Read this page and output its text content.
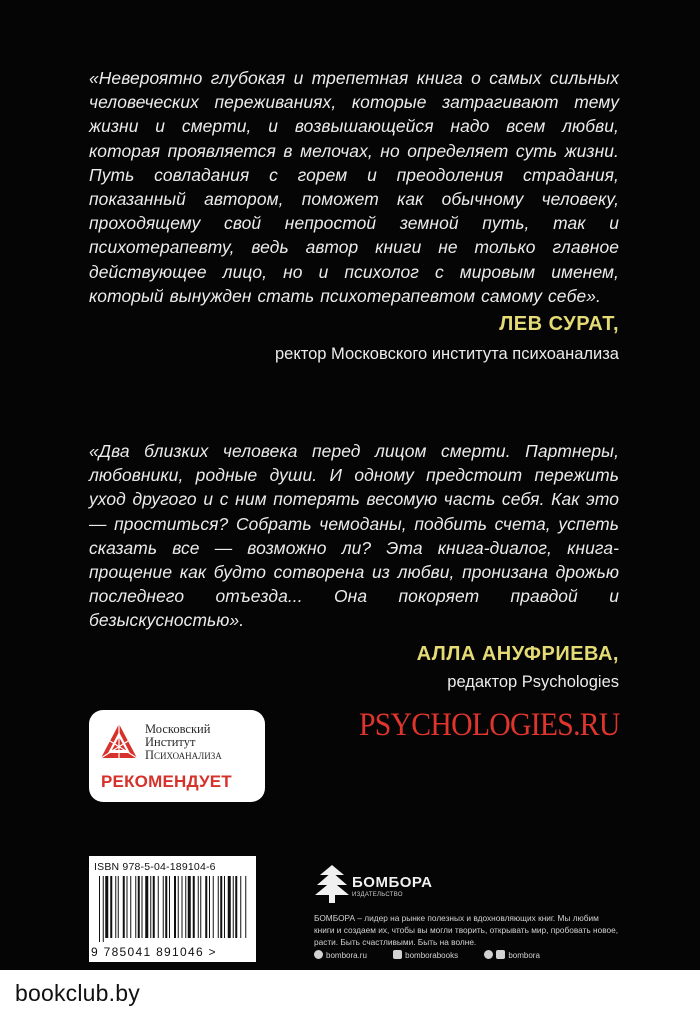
«Невероятно глубокая и трепетная книга о самых сильных человеческих переживаниях, которые затрагивают тему жизни и смерти, и возвышающейся надо всем любви, которая проявляется в мелочах, но определяет суть жизни. Путь совладания с горем и преодоления страдания, показанный автором, поможет как обычному человеку, проходящему свой непростой земной путь, так и психотерапевту, ведь автор книги не только главное действующее лицо, но и психолог с мировым именем, который вынужден стать психотерапевтом самому себе».
ЛЕВ СУРАТ,
ректор Московского института психоанализа
«Два близких человека перед лицом смерти. Партнеры, любовники, родные души. И одному предстоит пережить уход другого и с ним потерять весомую часть себя. Как это — проститься? Собрать чемоданы, подбить счета, успеть сказать все — возможно ли? Эта книга-диалог, книга-прощение как будто сотворена из любви, пронизана дрожью последнего отъезда... Она покоряет правдой и безыскусностью».
АЛЛА АНУФРИЕВА,
редактор Psychologies
PSYCHOLOGIES.RU
Московский
Институт
Психоанализа
РЕКОМЕНДУЕТ
ISBN 978-5-04-189104-6
9 785041 891046 >
БОМБОРА
ИЗДАТЕЛЬСТВО
БОМБОРА – лидер на рынке полезных и вдохновляющих книг. Мы любим книги и создаем их, чтобы вы могли творить, открывать мир, пробовать новое, расти. Быть счастливыми. Быть на волне.
bombora.ru	bomborabooks	bombora
bookclub.by
